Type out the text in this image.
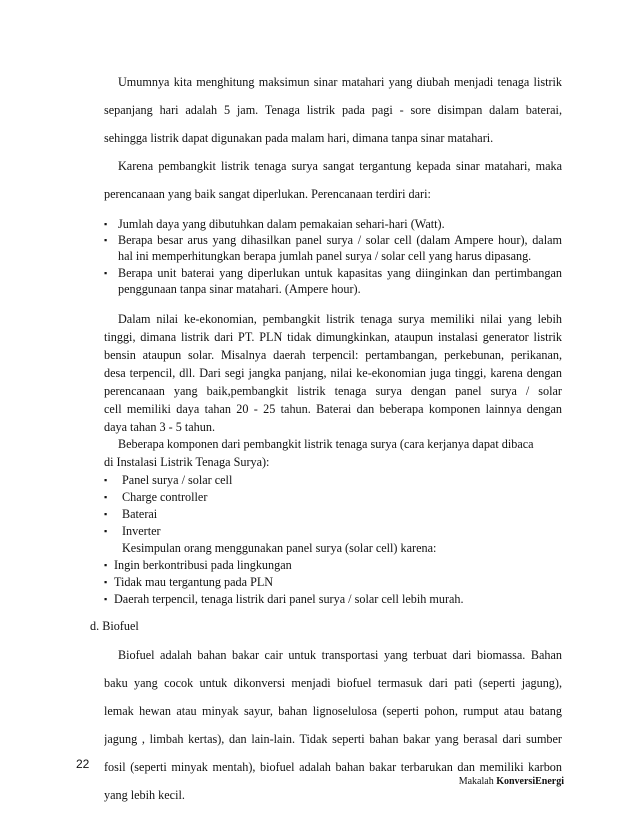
Umumnya kita menghitung maksimun sinar matahari yang diubah menjadi tenaga listrik
sepanjang hari adalah 5 jam. Tenaga listrik pada pagi - sore disimpan dalam baterai,
sehingga listrik dapat digunakan pada malam hari, dimana tanpa sinar matahari.
Karena pembangkit listrik tenaga surya sangat tergantung kepada sinar matahari, maka
perencanaan yang baik sangat diperlukan. Perencanaan terdiri dari:
▪ Jumlah daya yang dibutuhkan dalam pemakaian sehari-hari (Watt).
▪ Berapa besar arus yang dihasilkan panel surya / solar cell (dalam Ampere hour), dalam
hal ini memperhitungkan berapa jumlah panel surya / solar cell yang harus dipasang.
▪ Berapa unit baterai yang diperlukan untuk kapasitas yang diinginkan dan pertimbangan
penggunaan tanpa sinar matahari. (Ampere hour).
Dalam nilai ke-ekonomian, pembangkit listrik tenaga surya memiliki nilai yang lebih
tinggi, dimana listrik dari PT. PLN tidak dimungkinkan, ataupun instalasi generator listrik
bensin ataupun solar. Misalnya daerah terpencil: pertambangan, perkebunan, perikanan,
desa terpencil, dll. Dari segi jangka panjang, nilai ke-ekonomian juga tinggi, karena dengan
perencanaan yang baik,pembangkit listrik tenaga surya dengan panel surya / solar
cell memiliki daya tahan 20 - 25 tahun. Baterai dan beberapa komponen lainnya dengan
daya tahan 3 - 5 tahun.
Beberapa komponen dari pembangkit listrik tenaga surya (cara kerjanya dapat dibaca
di Instalasi Listrik Tenaga Surya):
▪ Panel surya / solar cell
▪ Charge controller
▪ Baterai
▪ Inverter
Kesimpulan orang menggunakan panel surya (solar cell) karena:
▪ Ingin berkontribusi pada lingkungan
▪ Tidak mau tergantung pada PLN
▪ Daerah terpencil, tenaga listrik dari panel surya / solar cell lebih murah.
d. Biofuel
Biofuel adalah bahan bakar cair untuk transportasi yang terbuat dari biomassa. Bahan
baku yang cocok untuk dikonversi menjadi biofuel termasuk dari pati (seperti jagung),
lemak hewan atau minyak sayur, bahan lignoselulosa (seperti pohon, rumput atau batang
jagung , limbah kertas), dan lain-lain. Tidak seperti bahan bakar yang berasal dari sumber
fosil (seperti minyak mentah), biofuel adalah bahan bakar terbarukan dan memiliki karbon
yang lebih kecil.
22
Makalah KonversiEnergi
